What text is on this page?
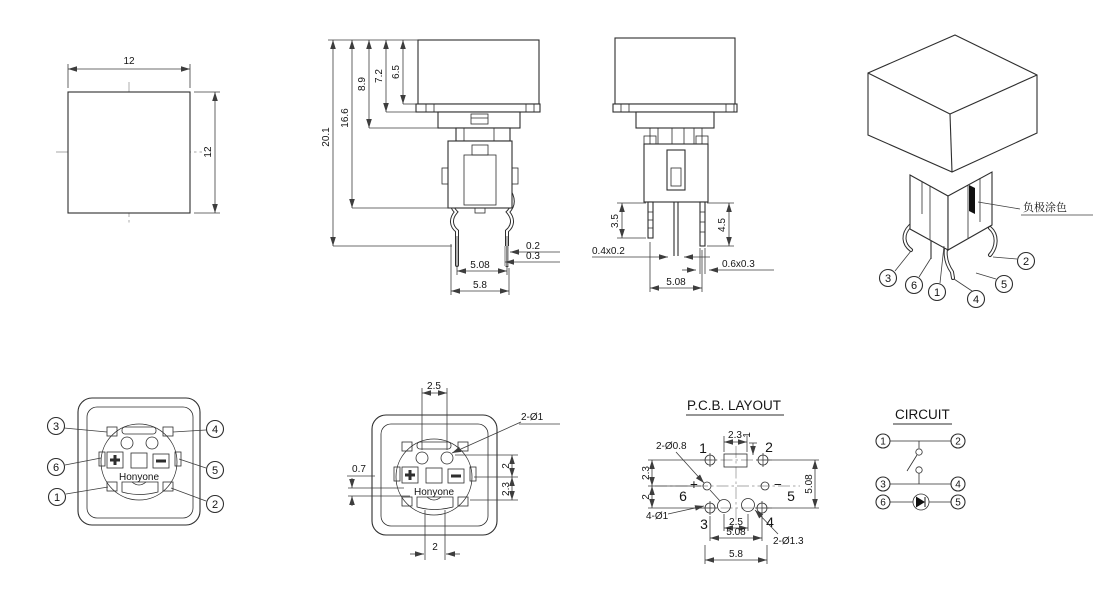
12
12
20.1
16.6
8.9
7.2 6.5
0.2
0.3
5.08
5.8
3.5	4.5
0.4x0.2
0.6x0.3
5.08
负极涂色
3
6
1
4
5
2
Honyone
3	4
6	5
1
2
Honyone
2.5
2-Ø1
0.7	2
2.3
2
P.C.B. LAYOUT
1	2
6
+	−
5
3	4
2-Ø0.8
2.3 1
2.3
2
5.08
4-Ø1
2.5
5.08
2-Ø1.3
5.8
CIRCUIT
1	2
3	4
6	5
